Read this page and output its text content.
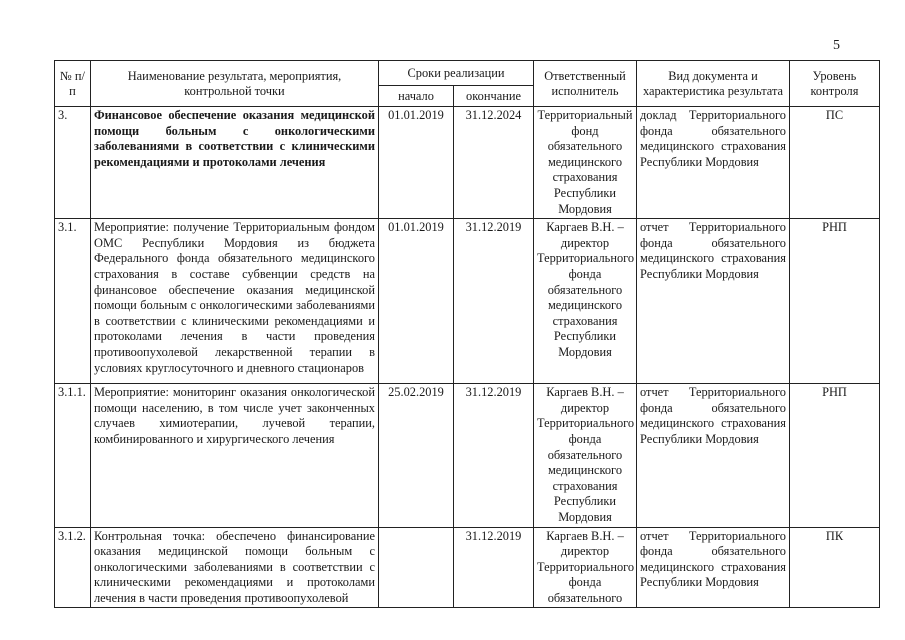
5
№ п/п	Наименование результата, мероприятия, контрольной точки	Сроки реализации		Ответственный исполнитель	Вид документа и характеристика результата	Уровень контроля
		начало	окончание			
3.	Финансовое обеспечение оказания медицинской помощи больным с онкологическими заболеваниями в соответствии с клиническими рекомендациями и протоколами лечения	01.01.2019	31.12.2024	Территориальный фонд обязательного медицинского страхования Республики Мордовия	доклад Территориального фонда обязательного медицинского страхования Республики Мордовия	ПС
3.1.	Мероприятие: получение Территориальным фондом ОМС Республики Мордовия из бюджета Федерального фонда обязательного медицинского страхования в составе субвенции средств на финансовое обеспечение оказания медицинской помощи больным с онкологическими заболеваниями в соответствии с клиническими рекомендациями и протоколами лечения в части проведения противоопухолевой лекарственной терапии в условиях круглосуточного и дневного стационаров	01.01.2019	31.12.2019	Каргаев В.Н. – директор Территориального фонда обязательного медицинского страхования Республики Мордовия	отчет Территориального фонда обязательного медицинского страхования Республики Мордовия	РНП
3.1.1.	Мероприятие: мониторинг оказания онкологической помощи населению, в том числе учет законченных случаев химиотерапии, лучевой терапии, комбинированного и хирургического лечения	25.02.2019	31.12.2019	Каргаев В.Н. – директор Территориального фонда обязательного медицинского страхования Республики Мордовия	отчет Территориального фонда обязательного медицинского страхования Республики Мордовия	РНП
3.1.2.	Контрольная точка: обеспечено финансирование оказания медицинской помощи больным с онкологическими заболеваниями в соответствии с клиническими рекомендациями и протоколами лечения в части проведения противоопухолевой		31.12.2019	Каргаев В.Н. – директор Территориального фонда обязательного	отчет Территориального фонда обязательного медицинского страхования Республики Мордовия	ПК
